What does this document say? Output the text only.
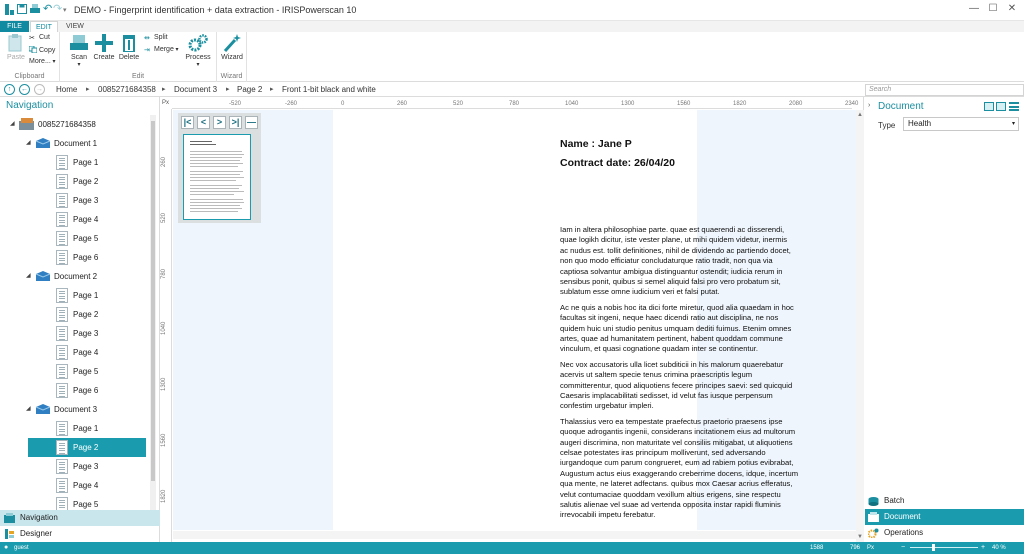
↶ ↷ ▾ DEMO - Fingerprint identification + data extraction - IRISPowerscan 10	— ☐	✕
FILE	EDIT	VIEW
Paste
✂ Cut
Copy
More... ▾
Clipboard
Scan
▾
Create Delete
⇹ Split
⇥ Merge ▾
Process
▾
Edit
Wizard
Wizard
↑	← → Home ▸ 0085271684358 ▸ Document 3 ▸ Page 2 ▸ Front 1-bit black and white	Search
Navigation
◢	0085271684358
◢	Document 1
Page 1
Page 2
Page 3
Page 4
Page 5
Page 6
◢	Document 2
Page 1
Page 2
Page 3
Page 4
Page 5
Page 6
◢	Document 3
Page 1
Page 2
Page 3
Page 4
Page 5
Navigation
Designer
Px	-520	-260	0	260	520	780	1040	1300	1560	1820	2080	2340
260
520
780
1040
1300
1560
1820
|<	<	>	>| —
Name : Jane P
Contract date: 26/04/20
Iam in altera philosophiae parte. quae est quaerendi ac disserendi,
quae logikh dicitur, iste vester plane, ut mihi quidem videtur, inermis
ac nudus est. tollit definitiones, nihil de dividendo ac partiendo docet,
non quo modo efficiatur concludaturque ratio tradit, non qua via
captiosa solvantur ambigua distinguantur ostendit; iudicia rerum in
sensibus ponit, quibus si semel aliquid falsi pro vero probatum sit,
sublatum esse omne iudicium veri et falsi putat.
Ac ne quis a nobis hoc ita dici forte miretur, quod alia quaedam in hoc
facultas sit ingeni, neque haec dicendi ratio aut disciplina, ne nos
quidem huic uni studio penitus umquam dediti fuimus. Etenim omnes
artes, quae ad humanitatem pertinent, habent quoddam commune
vinculum, et quasi cognatione quadam inter se continentur.
Nec vox accusatoris ulla licet subditicii in his malorum quaerebatur
acervis ut saltem specie tenus crimina praescriptis legum
committerentur, quod aliquotiens fecere principes saevi: sed quicquid
Caesaris implacabilitati sedisset, id velut fas iusque perpensum
confestim urgebatur impleri.
Thalassius vero ea tempestate praefectus praetorio praesens ipse
quoque adrogantis ingenii, considerans incitationem eius ad multorum
augeri discrimina, non maturitate vel consiliis mitigabat, ut aliquotiens
celsae potestates iras principum molliverunt, sed adversando
iurgandoque cum parum congrueret, eum ad rabiem potius evibrabat,
Augustum actus eius exaggerando creberrime docens, idque, incertum
qua mente, ne lateret adfectans. quibus mox Caesar acrius efferatus,
velut contumaciae quoddam vexillum altius erigens, sine respectu
salutis alienae vel suae ad vertenda opposita instar rapidi fluminis
irrevocabili impetu ferebatur.
▲
▼
› Document
Type	Health	▾
Batch
Document
Operations
● guest	1588	796 Px	−	+ 40 %
